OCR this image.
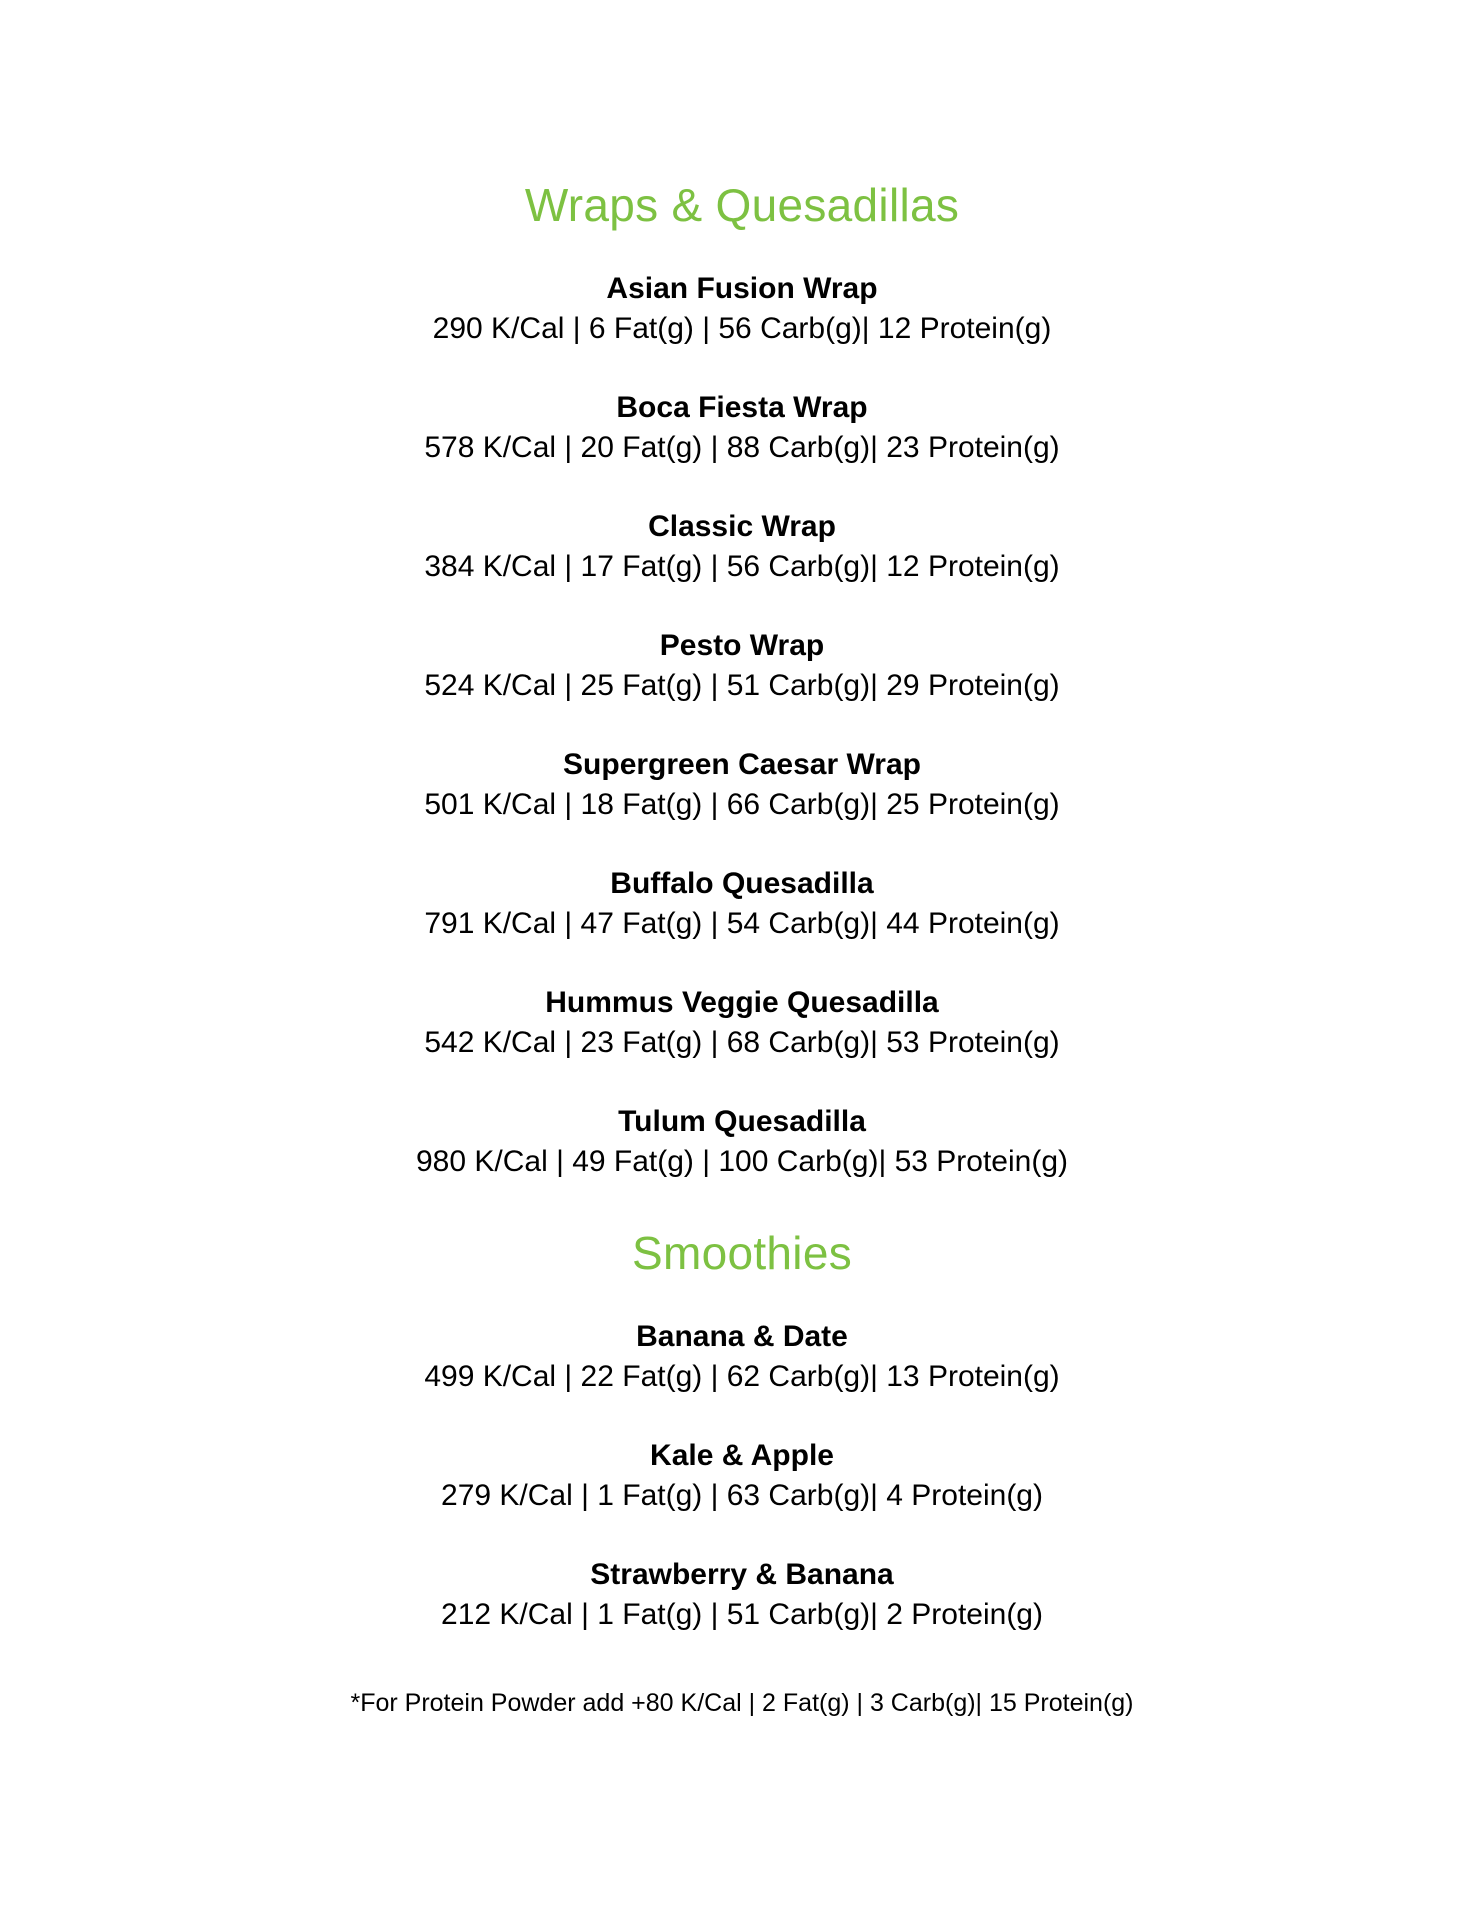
Wraps & Quesadillas
Asian Fusion Wrap
290 K/Cal | 6 Fat(g) | 56 Carb(g)| 12 Protein(g)
Boca Fiesta Wrap
578 K/Cal | 20 Fat(g) | 88 Carb(g)| 23 Protein(g)
Classic Wrap
384 K/Cal | 17 Fat(g) | 56 Carb(g)| 12 Protein(g)
Pesto Wrap
524 K/Cal | 25 Fat(g) | 51 Carb(g)| 29 Protein(g)
Supergreen Caesar Wrap
501 K/Cal | 18 Fat(g) | 66 Carb(g)| 25 Protein(g)
Buffalo Quesadilla
791 K/Cal | 47 Fat(g) | 54 Carb(g)| 44 Protein(g)
Hummus Veggie Quesadilla
542 K/Cal | 23 Fat(g) | 68 Carb(g)| 53 Protein(g)
Tulum Quesadilla
980 K/Cal | 49 Fat(g) | 100 Carb(g)| 53 Protein(g)
Smoothies
Banana & Date
499 K/Cal | 22 Fat(g) | 62 Carb(g)| 13 Protein(g)
Kale & Apple
279 K/Cal | 1 Fat(g) | 63 Carb(g)| 4 Protein(g)
Strawberry & Banana
212 K/Cal | 1 Fat(g) | 51 Carb(g)| 2 Protein(g)
*For Protein Powder add +80 K/Cal | 2 Fat(g) | 3 Carb(g)| 15 Protein(g)
